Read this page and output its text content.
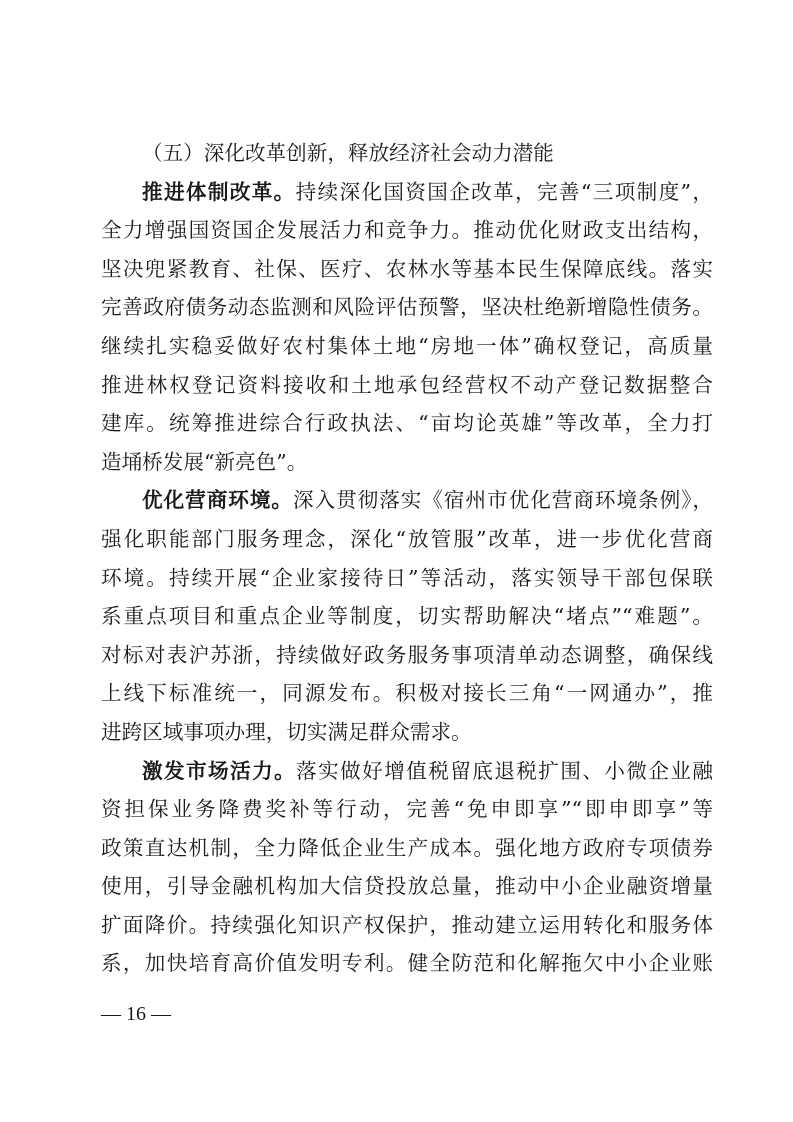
（五）深化改革创新，释放经济社会动力潜能
推进体制改革。持续深化国资国企改革，完善“三项制度”，
全力增强国资国企发展活力和竞争力。推动优化财政支出结构，
坚决兜紧教育、社保、医疗、农林水等基本民生保障底线。落实
完善政府债务动态监测和风险评估预警，坚决杜绝新增隐性债务。
继续扎实稳妥做好农村集体土地“房地一体”确权登记，高质量
推进林权登记资料接收和土地承包经营权不动产登记数据整合
建库。统筹推进综合行政执法、“亩均论英雄”等改革，全力打
造埇桥发展“新亮色”。
优化营商环境。深入贯彻落实《宿州市优化营商环境条例》，
强化职能部门服务理念，深化“放管服”改革，进一步优化营商
环境。持续开展“企业家接待日”等活动，落实领导干部包保联
系重点项目和重点企业等制度，切实帮助解决“堵点”“难题”。
对标对表沪苏浙，持续做好政务服务事项清单动态调整，确保线
上线下标准统一，同源发布。积极对接长三角“一网通办”，推
进跨区域事项办理，切实满足群众需求。
激发市场活力。落实做好增值税留底退税扩围、小微企业融
资担保业务降费奖补等行动，完善“免申即享”“即申即享”等
政策直达机制，全力降低企业生产成本。强化地方政府专项债券
使用，引导金融机构加大信贷投放总量，推动中小企业融资增量
扩面降价。持续强化知识产权保护，推动建立运用转化和服务体
系，加快培育高价值发明专利。健全防范和化解拖欠中小企业账
— 16 —
